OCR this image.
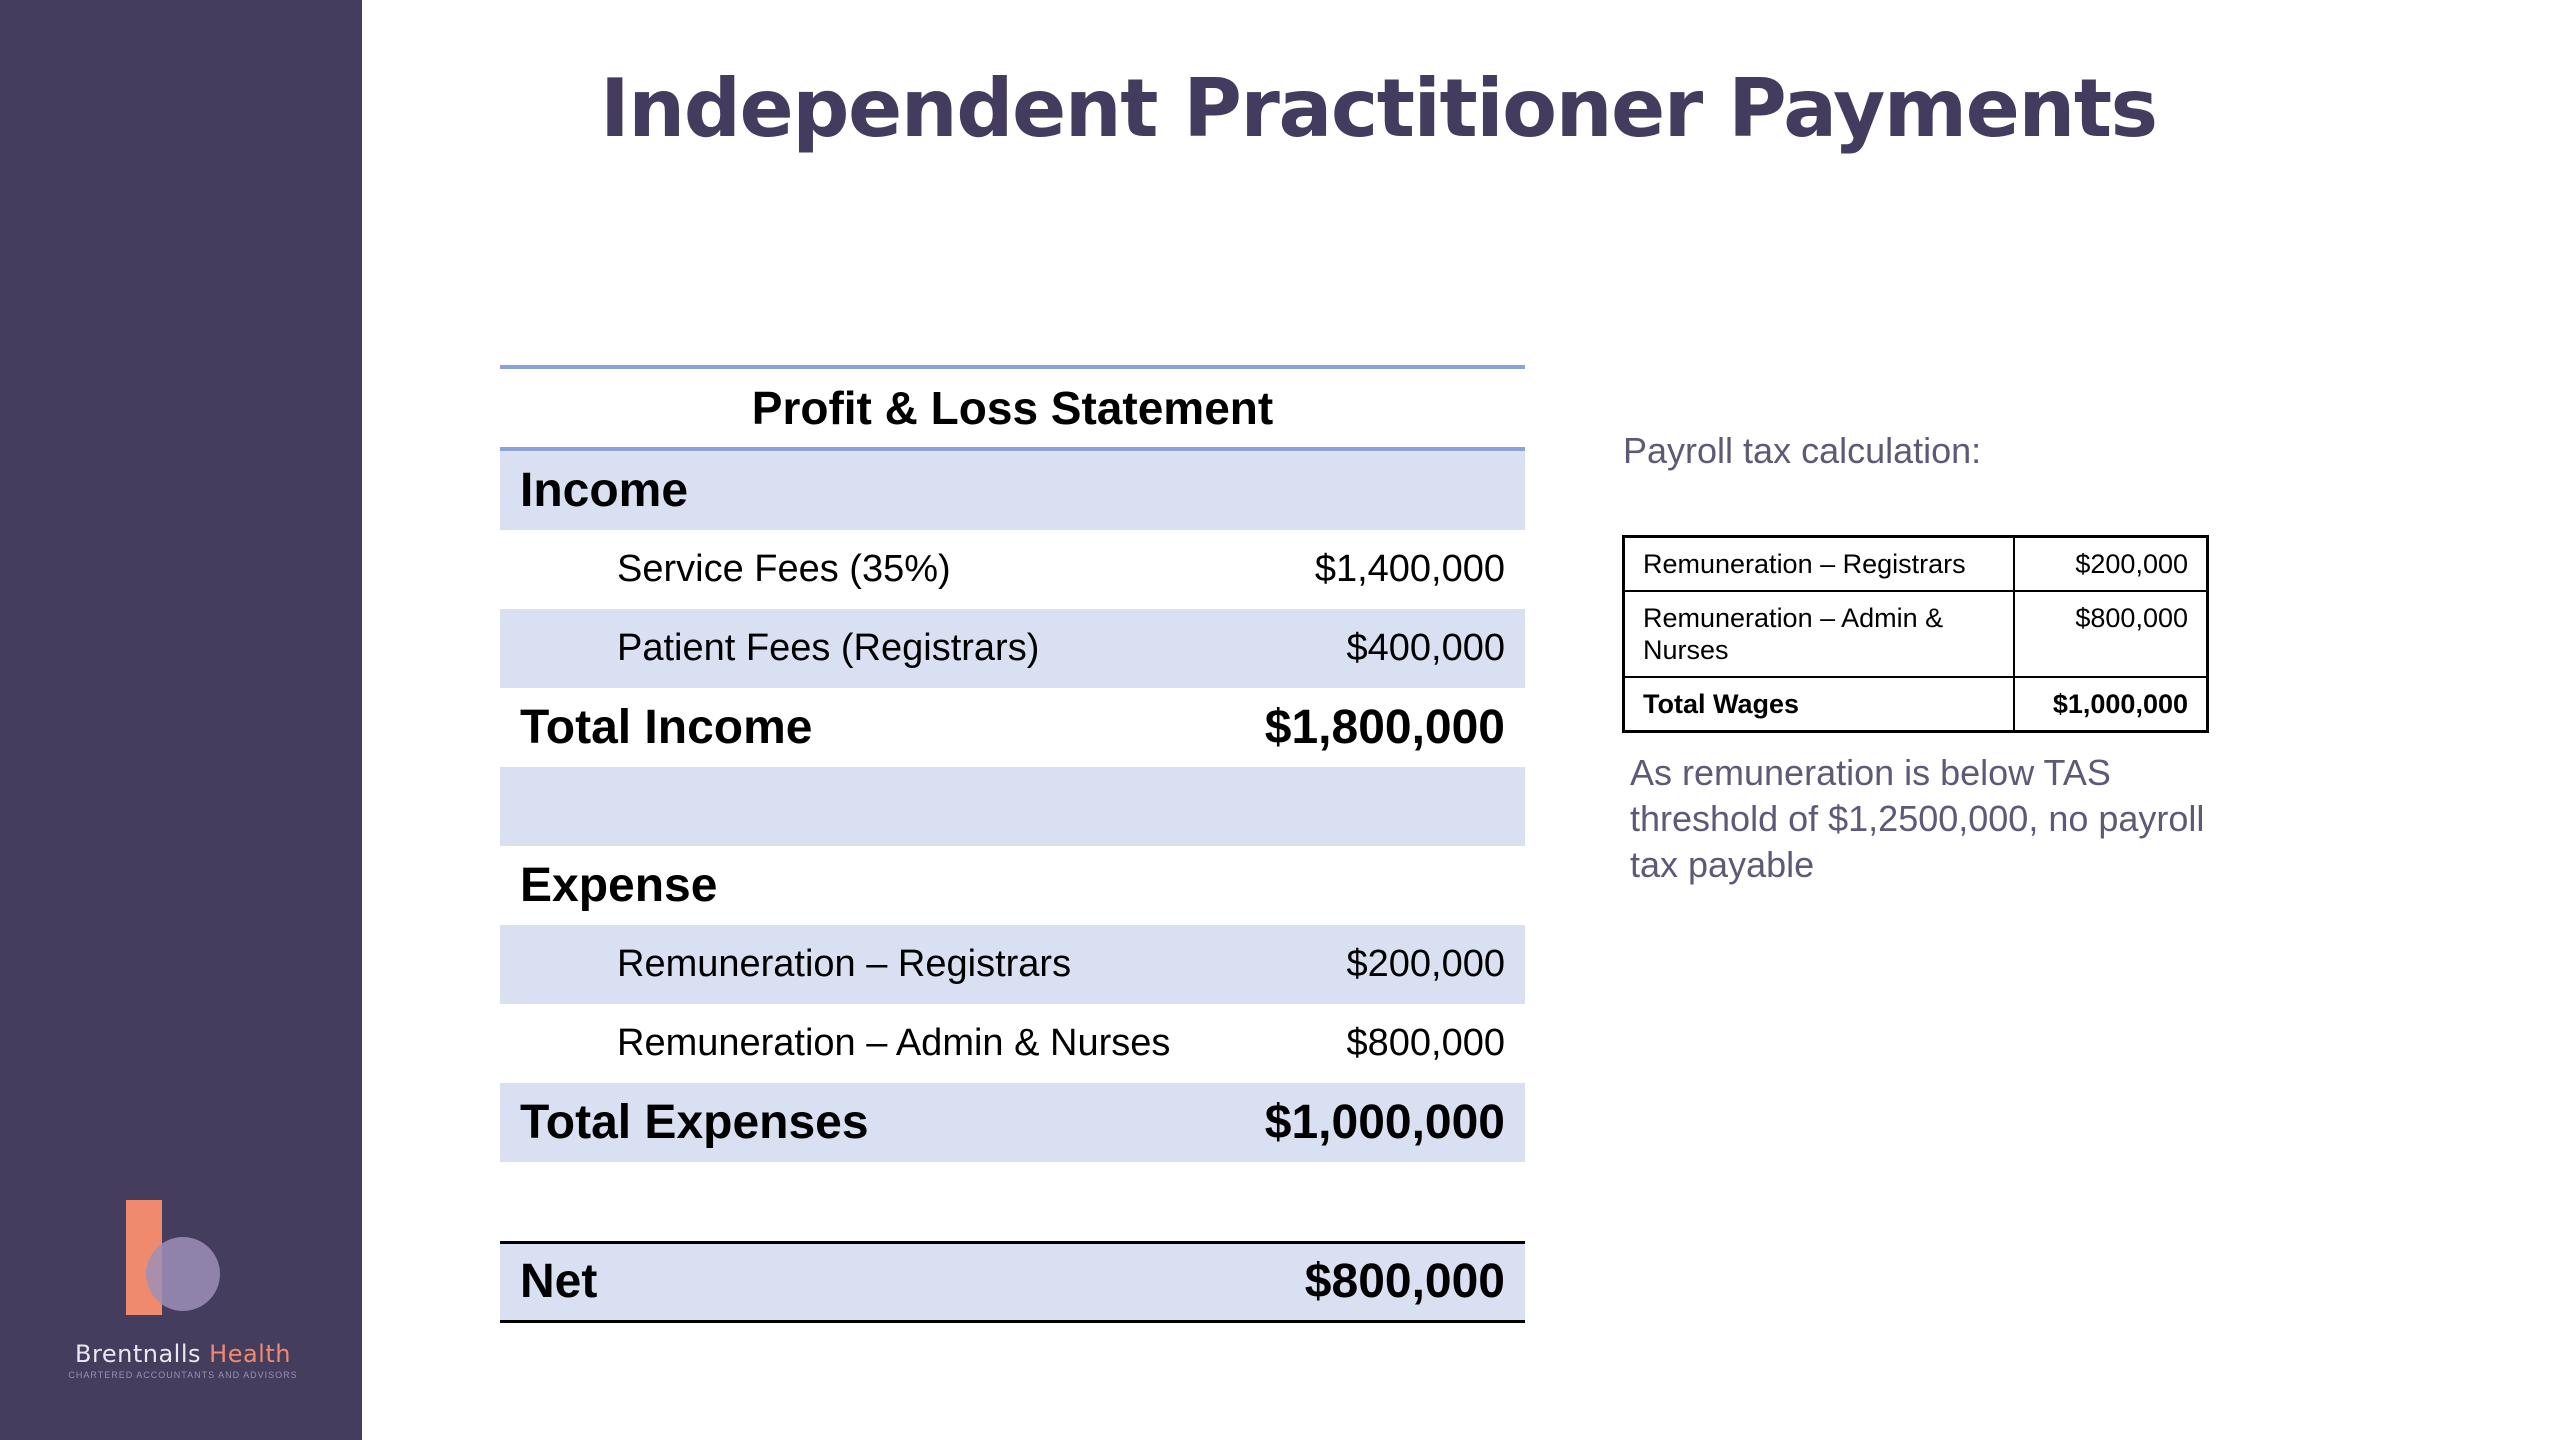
Brentnalls Health
CHARTERED ACCOUNTANTS AND ADVISORS
Independent Practitioner Payments
Profit & Loss Statement
Income
Service Fees (35%)	$1,400,000
Patient Fees (Registrars)	$400,000
Total Income	$1,800,000
Expense
Remuneration – Registrars	$200,000
Remuneration – Admin & Nurses	$800,000
Total Expenses	$1,000,000
Net	$800,000
Payroll tax calculation:
Remuneration – Registrars	$200,000
Remuneration – Admin & Nurses	$800,000
Total Wages	$1,000,000
As remuneration is below TAS threshold of $1,2500,000, no payroll tax payable
